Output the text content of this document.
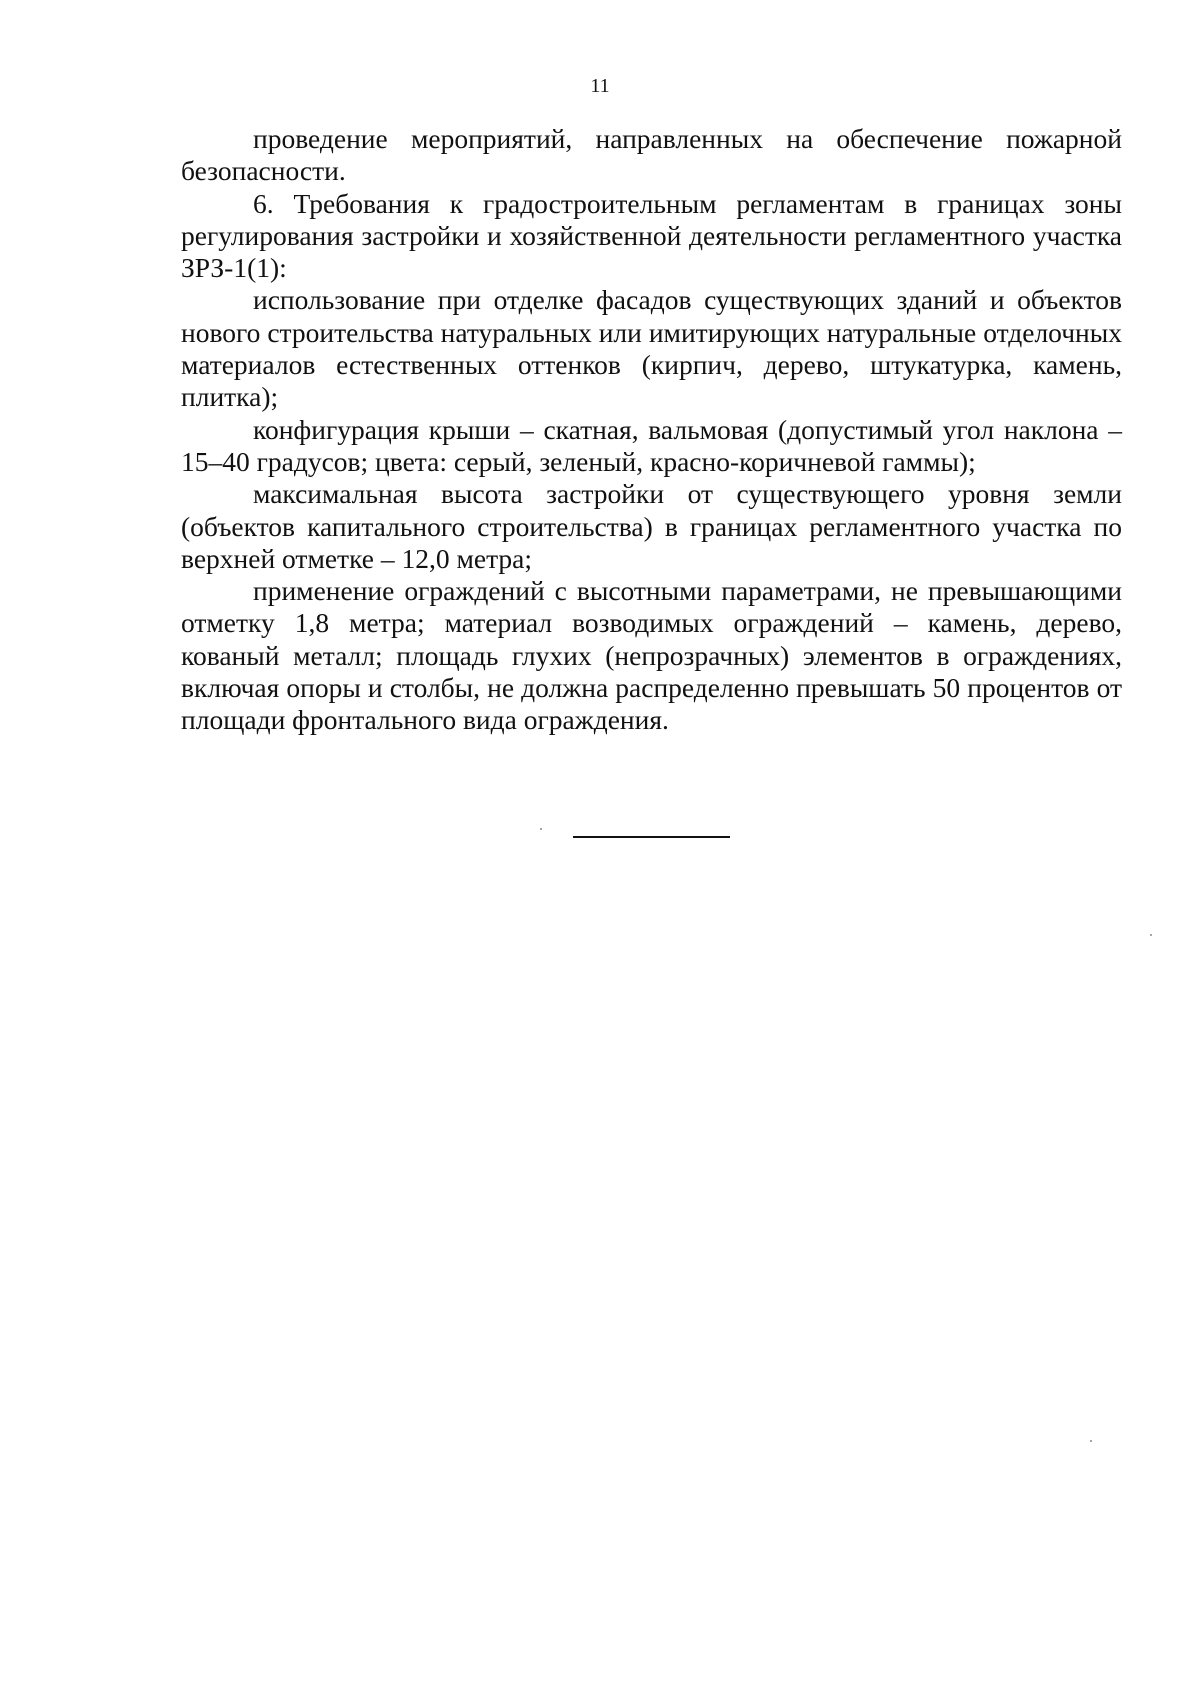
11

проведение мероприятий, направленных на обеспечение пожарной безопасности.

6. Требования к градостроительным регламентам в границах зоны регулирования застройки и хозяйственной деятельности регламентного участка ЗРЗ-1(1):

использование при отделке фасадов существующих зданий и объектов нового строительства натуральных или имитирующих натуральные отделочных материалов естественных оттенков (кирпич, дерево, штукатурка, камень, плитка);

конфигурация крыши – скатная, вальмовая (допустимый угол наклона – 15–40 градусов; цвета: серый, зеленый, красно-коричневой гаммы);

максимальная высота застройки от существующего уровня земли (объектов капитального строительства) в границах регламентного участка по верхней отметке – 12,0 метра;

применение ограждений с высотными параметрами, не превышающими отметку 1,8 метра; материал возводимых ограждений – камень, дерево, кованый металл; площадь глухих (непрозрачных) элементов в ограждениях, включая опоры и столбы, не должна распределенно превышать 50 процентов от площади фронтального вида ограждения.
